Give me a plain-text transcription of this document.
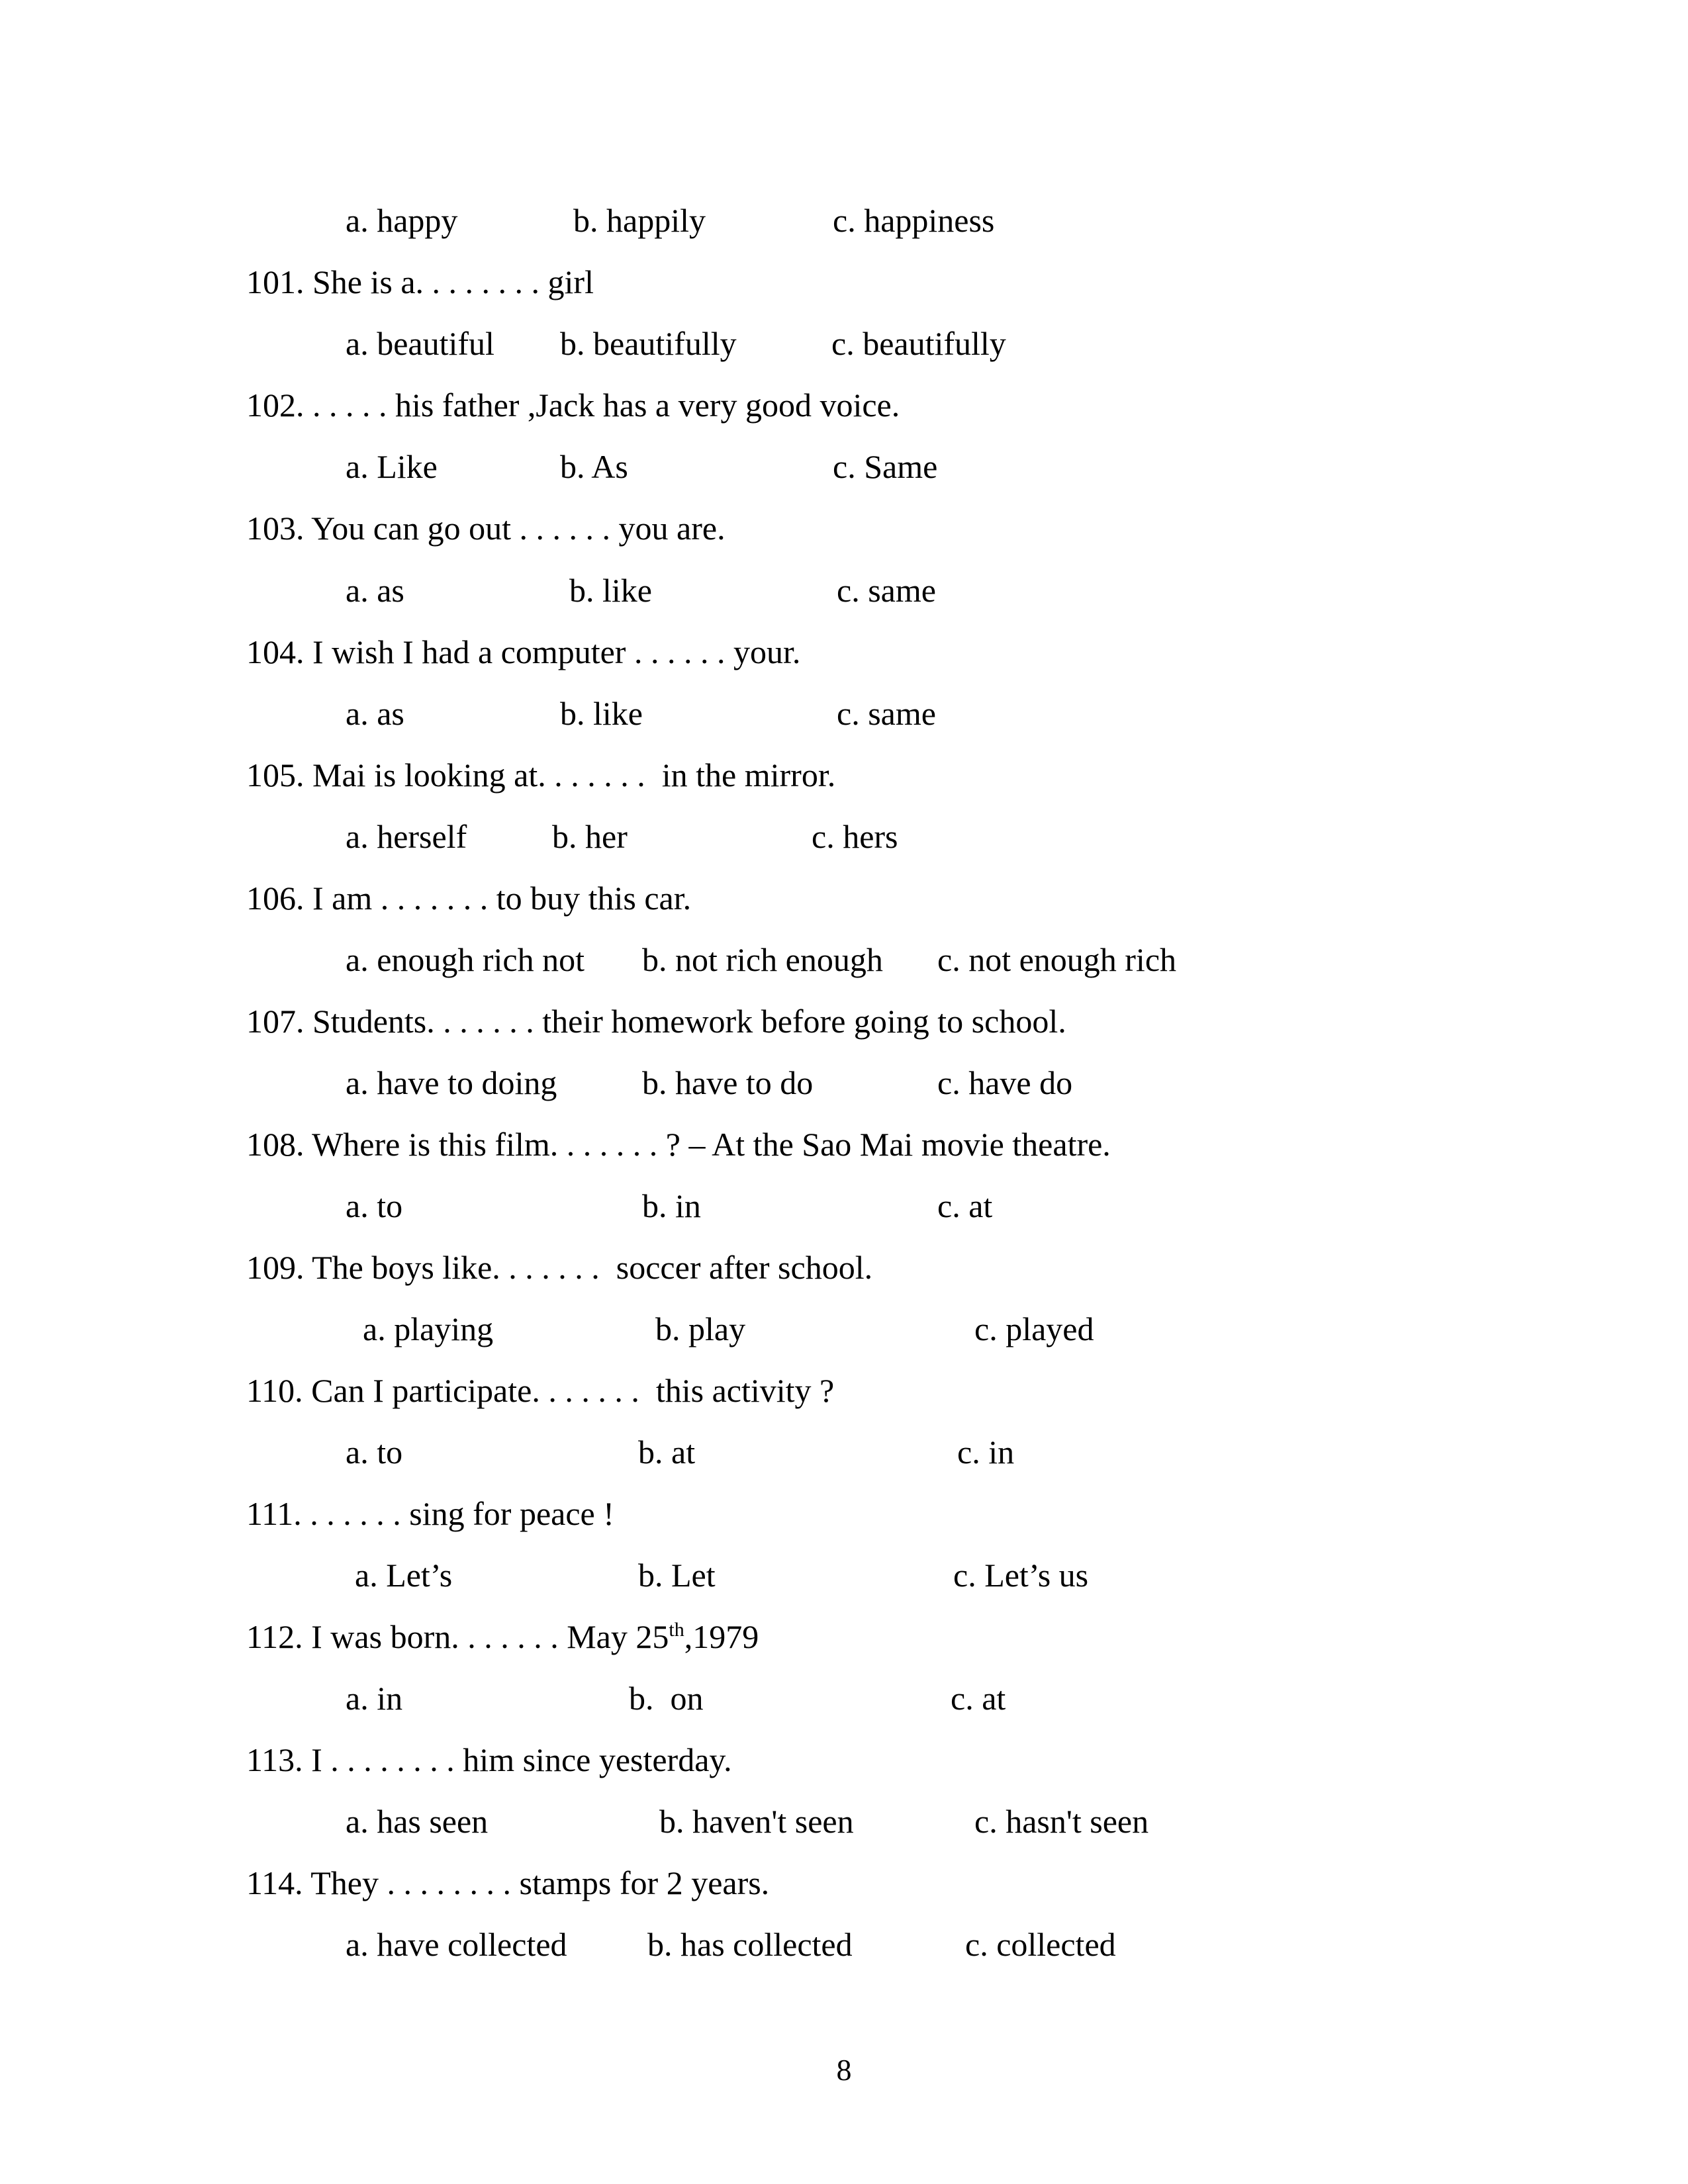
a. happy	b. happily	c. happiness
101. She is a. . . . . . . . girl
a. beautiful b. beautifully	c. beautifully
102. . . . . . his father ,Jack has a very good voice.
a. Like	b. As	c. Same
103. You can go out . . . . . . you are.
a. as	b. like	c. same
104. I wish I had a computer . . . . . . your.
a. as	b. like	c. same
105. Mai is looking at. . . . . . .  in the mirror.
a. herself	b. her	c. hers
106. I am . . . . . . . to buy this car.
a. enough rich not b. not rich enough c. not enough rich
107. Students. . . . . . . their homework before going to school.
a. have to doing	b. have to do	c. have do
108. Where is this film. . . . . . . ? – At the Sao Mai movie theatre.
a. to	b. in	c. at
109. The boys like. . . . . . .  soccer after school.
a. playing	b. play	c. played
110. Can I participate. . . . . . .  this activity ?
a. to	b. at	c. in
111. . . . . . . sing for peace !
a. Let’s	b. Let	c. Let’s us
112. I was born. . . . . . . May 25th,1979
a. in	b.  on	c. at
113. I . . . . . . . . him since yesterday.
a. has seen	b. haven't seen	c. hasn't seen
114. They . . . . . . . . stamps for 2 years.
a. have collected b. has collected	c. collected
8
